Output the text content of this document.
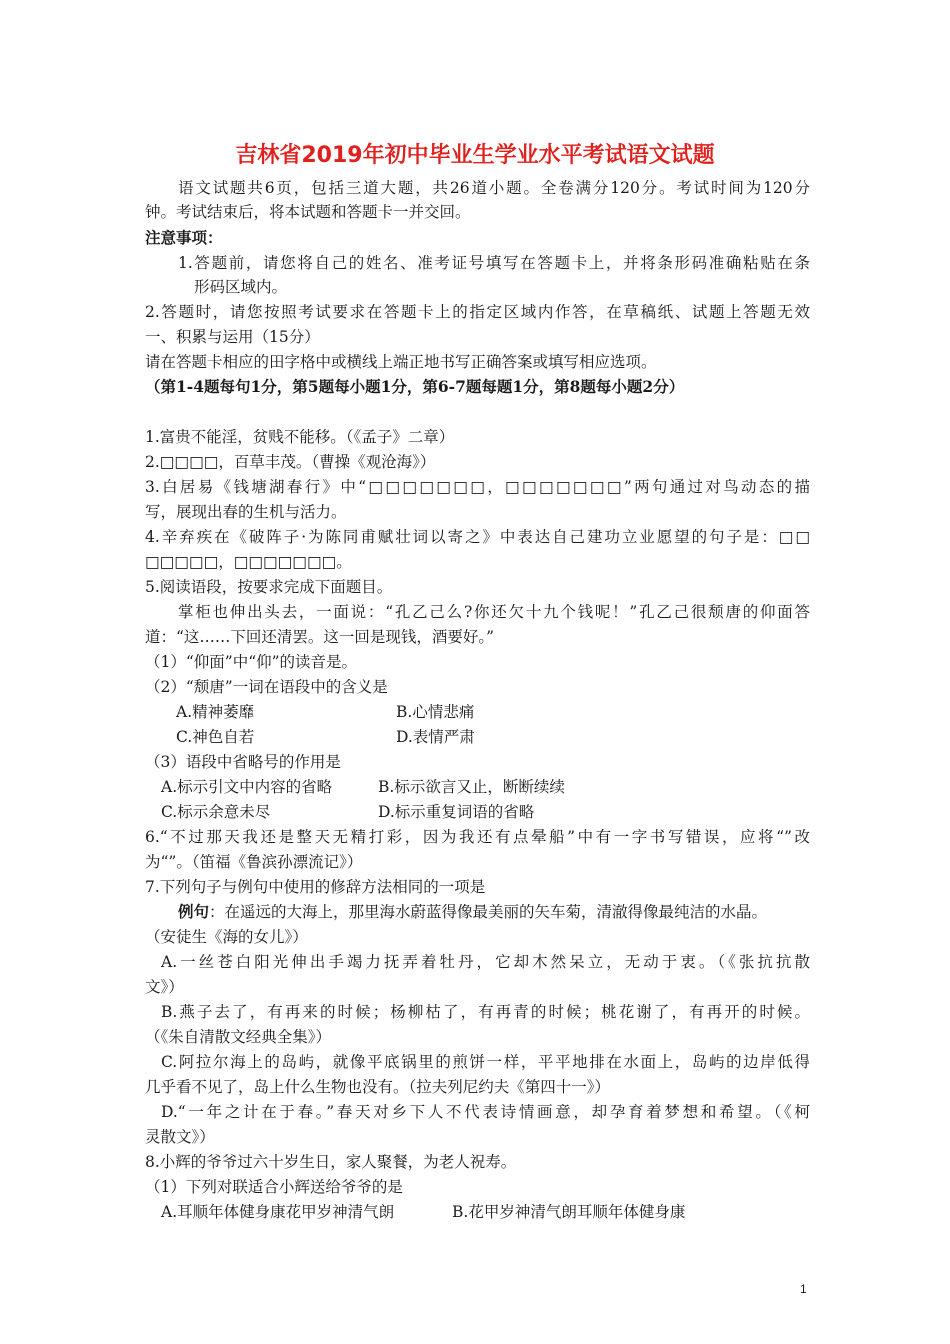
吉林省2019年初中毕业生学业水平考试语文试题
语文试题共6页，包括三道大题，共26道小题。全卷满分120分。考试时间为120分
钟。考试结束后，将本试题和答题卡一并交回。
注意事项：
1.答题前，请您将自己的姓名、准考证号填写在答题卡上，并将条形码准确粘贴在条
形码区域内。
2.答题时，请您按照考试要求在答题卡上的指定区域内作答，在草稿纸、试题上答题无效
一、积累与运用（15分）
请在答题卡相应的田字格中或横线上端正地书写正确答案或填写相应选项。
（第1-4题每句1分，第5题每小题1分，第6-7题每题1分，第8题每小题2分）
1.富贵不能淫，贫贱不能移。（《孟子》二章）
2.□□□□，百草丰茂。（曹操《观沧海》）
3.白居易《钱塘湖春行》中“□□□□□□□，□□□□□□□”两句通过对鸟动态的描
写，展现出春的生机与活力。
4.辛弃疾在《破阵子·为陈同甫赋壮词以寄之》中表达自己建功立业愿望的句子是：□□
□□□□□，□□□□□□□。
5.阅读语段，按要求完成下面题目。
掌柜也伸出头去，一面说：“孔乙己么?你还欠十九个钱呢！”孔乙己很颓唐的仰面答
道：“这……下回还清罢。这一回是现钱，酒要好。”
（1）“仰面”中“仰”的读音是。
（2）“颓唐”一词在语段中的含义是
A.精神萎靡	B.心情悲痛
C.神色自若	D.表情严肃
（3）语段中省略号的作用是
A.标示引文中内容的省略	B.标示欲言又止，断断续续
C.标示余意未尽	D.标示重复词语的省略
6.“不过那天我还是整天无精打彩，因为我还有点晕船”中有一字书写错误，应将“”改
为“”。（笛福《鲁滨孙漂流记》）
7.下列句子与例句中使用的修辞方法相同的一项是
例句 ：在遥远的大海上，那里海水蔚蓝得像最美丽的矢车菊，清澈得像最纯洁的水晶。
（安徒生《海的女儿》）
A.一丝苍白阳光伸出手竭力抚弄着牡丹，它却木然呆立，无动于衷。（《张抗抗散
文》）
B.燕子去了，有再来的时候；杨柳枯了，有再青的时候；桃花谢了，有再开的时候。
（《朱自清散文经典全集》）
C.阿拉尔海上的岛屿，就像平底锅里的煎饼一样，平平地排在水面上，岛屿的边岸低得
几乎看不见了，岛上什么生物也没有。（拉夫列尼约夫《第四十一》）
D.“一年之计在于春。”春天对乡下人不代表诗情画意，却孕育着梦想和希望。（《柯
灵散文》）
8.小辉的爷爷过六十岁生日，家人聚餐，为老人祝寿。
（1）下列对联适合小辉送给爷爷的是
A.耳顺年体健身康花甲岁神清气朗	B.花甲岁神清气朗耳顺年体健身康
1
